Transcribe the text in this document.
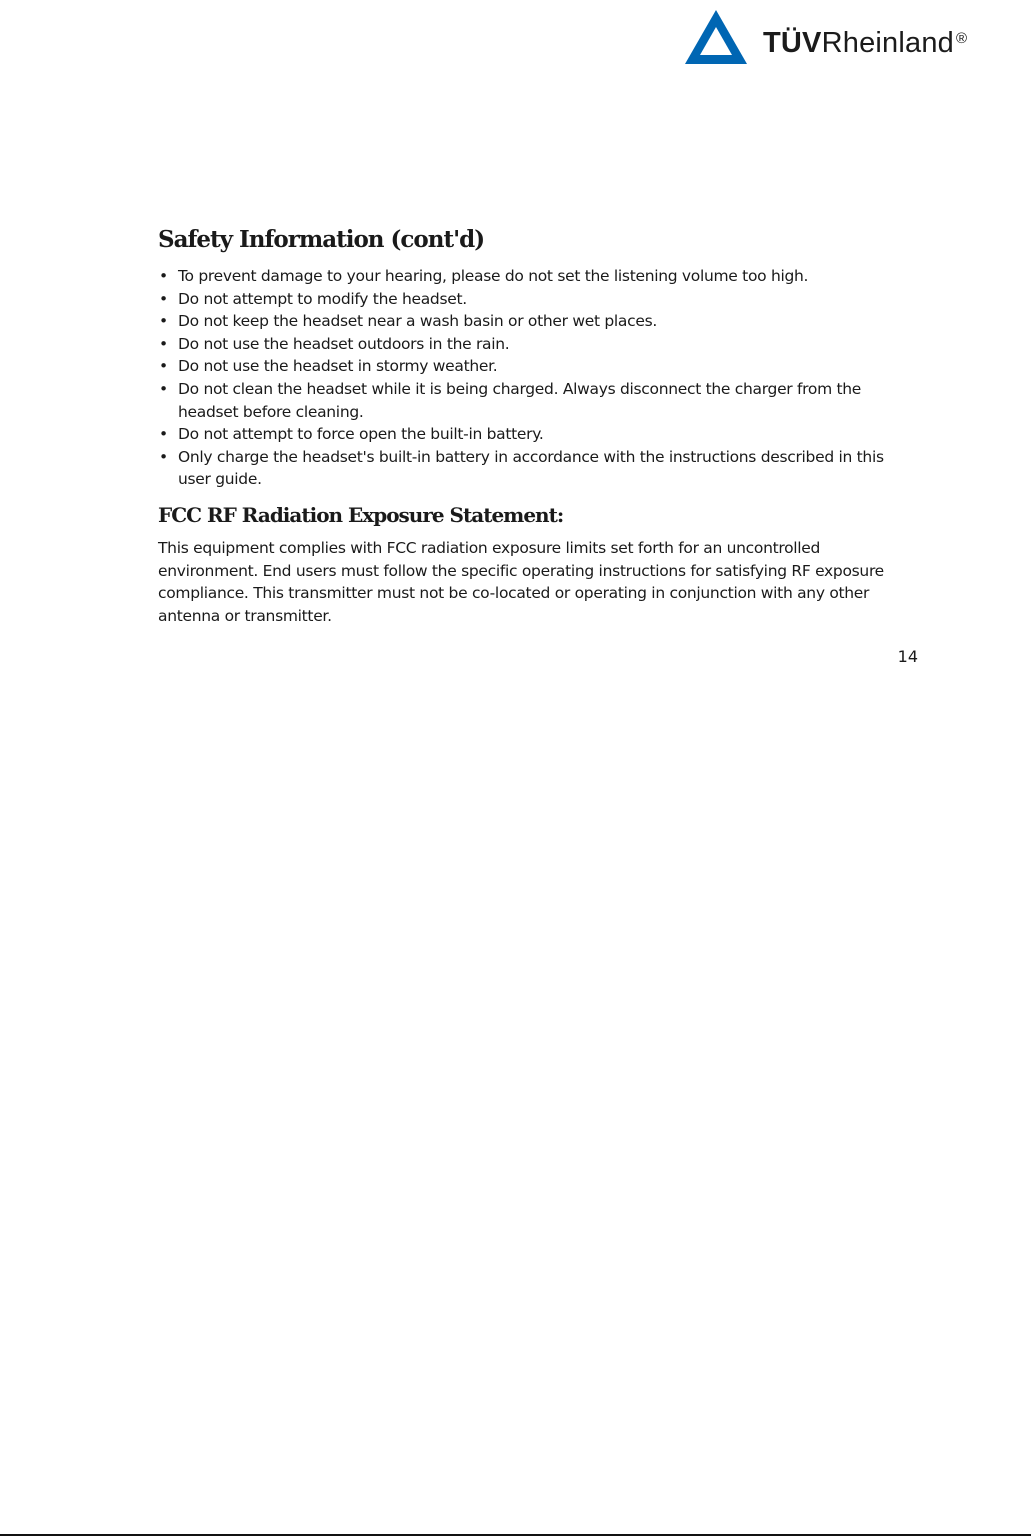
TÜVRheinland ®
Safety Information (cont'd)
• To prevent damage to your hearing, please do not set the listening volume too high.
• Do not attempt to modify the headset.
• Do not keep the headset near a wash basin or other wet places.
• Do not use the headset outdoors in the rain.
• Do not use the headset in stormy weather.
• Do not clean the headset while it is being charged. Always disconnect the charger from the headset before cleaning.
• Do not attempt to force open the built-in battery.
• Only charge the headset's built-in battery in accordance with the instructions described in this user guide.
FCC RF Radiation Exposure Statement:

This equipment complies with FCC radiation exposure limits set forth for an uncontrolled environment. End users must follow the specific operating instructions for satisfying RF exposure compliance. This transmitter must not be co-located or operating in conjunction with any other antenna or transmitter.

14
